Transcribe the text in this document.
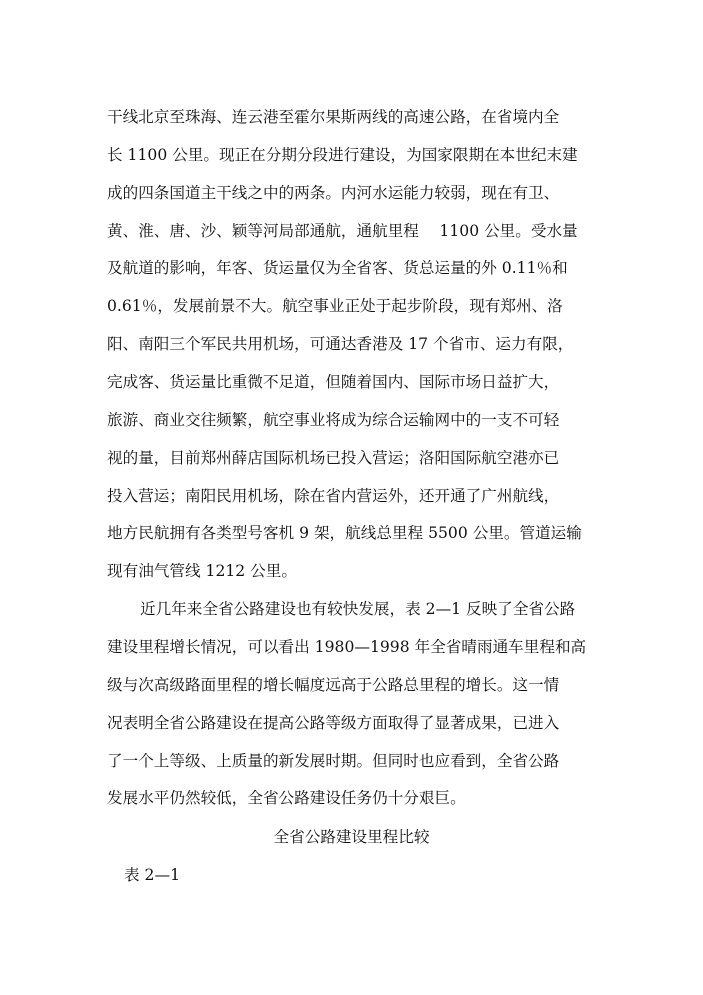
干线北京至珠海、连云港至霍尔果斯两线的高速公路，在省境内全
长 1100 公里。现正在分期分段进行建设，为国家限期在本世纪末建
成的四条国道主干线之中的两条。内河水运能力较弱，现在有卫、
黄、淮、唐、沙、颖等河局部通航，通航里程　 1100 公里。受水量
及航道的影响，年客、货运量仅为全省客、货总运量的外 0.11％和
0.61％，发展前景不大。航空事业正处于起步阶段，现有郑州、洛
阳、南阳三个军民共用机场，可通达香港及 17 个省市、运力有限，
完成客、货运量比重微不足道，但随着国内、国际市场日益扩大，
旅游、商业交往频繁，航空事业将成为综合运输网中的一支不可轻
视的量，目前郑州薛店国际机场已投入营运；洛阳国际航空港亦已
投入营运；南阳民用机场，除在省内营运外，还开通了广州航线，
地方民航拥有各类型号客机 9 架，航线总里程 5500 公里。管道运输
现有油气管线 1212 公里。
近几年来全省公路建设也有较快发展，表 2—1 反映了全省公路
建设里程增长情况，可以看出 1980—1998 年全省晴雨通车里程和高
级与次高级路面里程的增长幅度远高于公路总里程的增长。这一情
况表明全省公路建设在提高公路等级方面取得了显著成果，已进入
了一个上等级、上质量的新发展时期。但同时也应看到，全省公路
发展水平仍然较低，全省公路建设任务仍十分艰巨。
全省公路建设里程比较
表 2—1
